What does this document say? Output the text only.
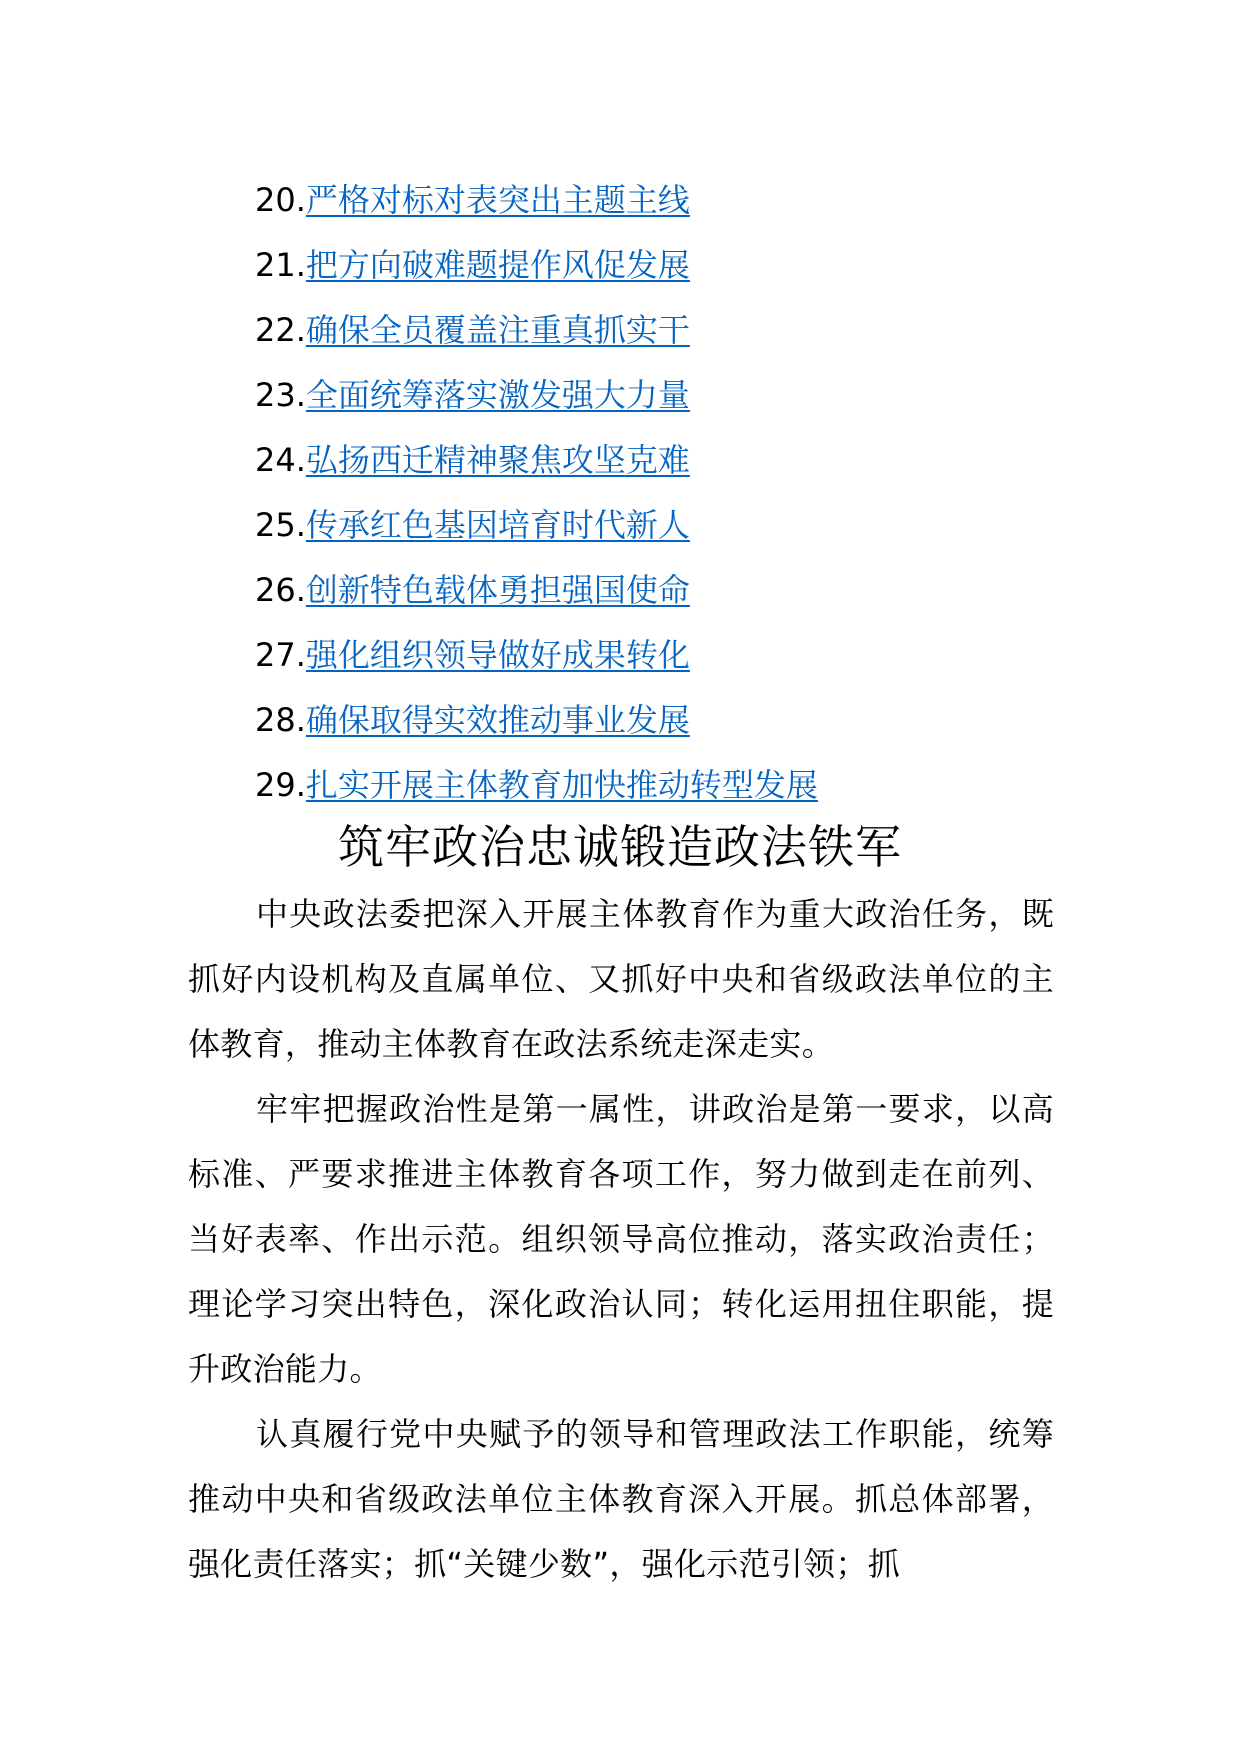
20.严格对标对表突出主题主线
21.把方向破难题提作风促发展
22.确保全员覆盖注重真抓实干
23.全面统筹落实激发强大力量
24.弘扬西迁精神聚焦攻坚克难
25.传承红色基因培育时代新人
26.创新特色载体勇担强国使命
27.强化组织领导做好成果转化
28.确保取得实效推动事业发展
29.扎实开展主体教育加快推动转型发展
筑牢政治忠诚锻造政法铁军

中央政法委把深入开展主体教育作为重大政治任务，既抓好内设机构及直属单位、又抓好中央和省级政法单位的主体教育，推动主体教育在政法系统走深走实。

牢牢把握政治性是第一属性，讲政治是第一要求，以高标准、严要求推进主体教育各项工作，努力做到走在前列、当好表率、作出示范。组织领导高位推动，落实政治责任；理论学习突出特色，深化政治认同；转化运用扭住职能，提升政治能力。

认真履行党中央赋予的领导和管理政法工作职能，统筹推动中央和省级政法单位主体教育深入开展。抓总体部署，强化责任落实；抓“关键少数”，强化示范引领；抓
